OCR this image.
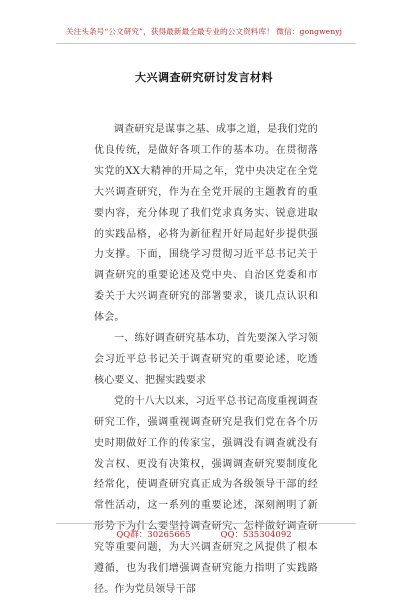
关注头条号“公文研究”，获得最新最全最专业的公文资料库！ 微信：gongwenyj
大兴调查研究研讨发言材料

调查研究是谋事之基、成事之道，是我们党的优良传统，是做好各项工作的基本功。在贯彻落实党的XX大精神的开局之年，党中央决定在全党大兴调查研究，作为在全党开展的主题教育的重要内容，充分体现了我们党求真务实、锐意进取的实践品格，必将为新征程开好局起好步提供强力支撑。下面，围绕学习贯彻习近平总书记关于调查研究的重要论述及党中央、自治区党委和市委关于大兴调查研究的部署要求，谈几点认识和体会。

一、练好调查研究基本功，首先要深入学习领会习近平总书记关于调查研究的重要论述，吃透核心要义、把握实践要求

党的十八大以来，习近平总书记高度重视调查研究工作，强调重视调查研究是我们党在各个历史时期做好工作的传家宝，强调没有调查就没有发言权、更没有决策权，强调调查研究要制度化经常化，使调查研究真正成为各级领导干部的经常性活动，这一系列的重要论述，深刻阐明了新形势下为什么要坚持调查研究、怎样做好调查研究等重要问题，为大兴调查研究之风提供了根本遵循，也为我们增强调查研究能力指明了实践路径。作为党员领导干部

QQ群：30265665	QQ：535304092
